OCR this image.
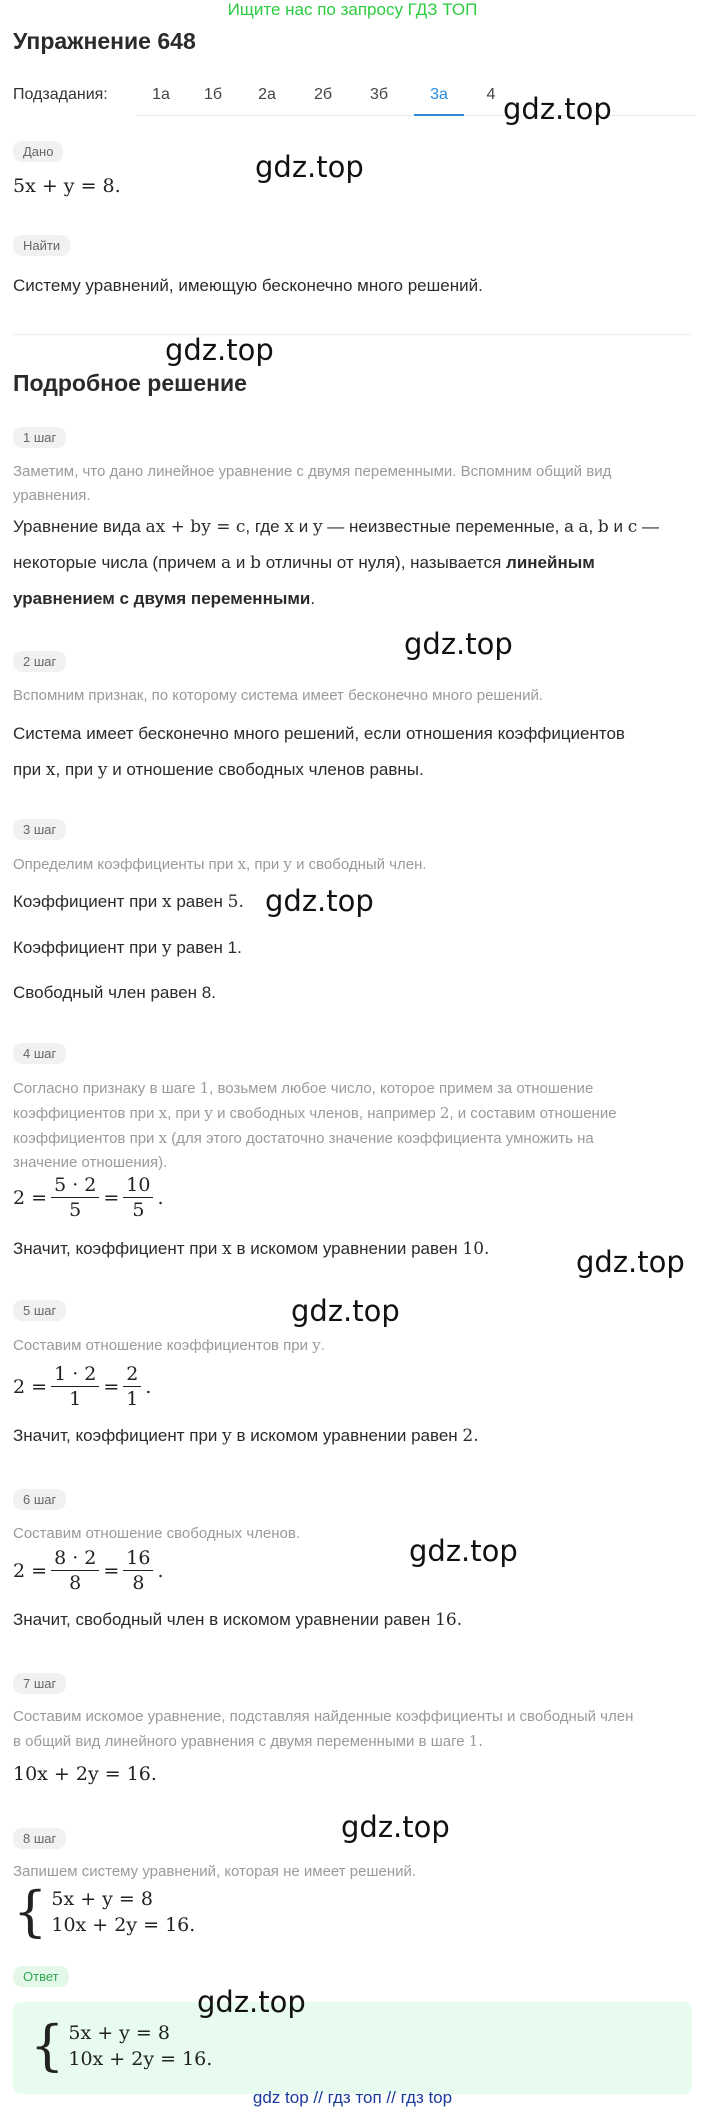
Ищите нас по запросу ГДЗ ТОП
Упражнение 648
Подзадания:	1а	1б	2а	2б	3б	3а	4
Дано
5x + y = 8.
Найти
Систему уравнений, имеющую бесконечно много решений.
Подробное решение
1 шаг
Заметим, что дано линейное уравнение с двумя переменными. Вспомним общий вид уравнения.
Уравнение вида ax + by = c, где x и y — неизвестные переменные, а a, b и c — некоторые числа (причем a и b отличны от нуля), называется линейным уравнением с двумя переменными.
2 шаг
Вспомним признак, по которому система имеет бесконечно много решений.
Система имеет бесконечно много решений, если отношения коэффициентов
при x, при y и отношение свободных членов равны.
3 шаг
Определим коэффициенты при x, при y и свободный член.
Коэффициент при x равен 5.
Коэффициент при y равен 1.
Свободный член равен 8.
4 шаг
Согласно признаку в шаге 1, возьмем любое число, которое примем за отношение
коэффициентов при x, при y и свободных членов, например 2, и составим отношение
коэффициентов при x (для этого достаточно значение коэффициента умножить на
значение отношения).
$2 = \frac{5 \cdot 2}{5} = \frac{10}{5}$ .
Значит, коэффициент при x в искомом уравнении равен 10.
5 шаг
Составим отношение коэффициентов при y.
$2 = \frac{1 \cdot 2}{1} = \frac{2}{1}$ .
Значит, коэффициент при y в искомом уравнении равен 2.
6 шаг
Составим отношение свободных членов.
$2 = \frac{8 \cdot 2}{8} = \frac{16}{8}$ .
Значит, свободный член в искомом уравнении равен 16.
7 шаг
Составим искомое уравнение, подставляя найденные коэффициенты и свободный член
в общий вид линейного уравнения с двумя переменными в шаге 1.
10x + 2y = 16.
8 шаг
Запишем систему уравнений, которая не имеет решений.
{ 5x + y = 8
10x + 2y = 16.
Ответ
{ 5x + y = 8
10x + 2y = 16.
gdz.top
gdz.top
gdz.top
gdz.top
gdz.top
gdz.top
gdz.top
gdz.top
gdz.top
gdz.top
gdz top // гдз топ // гдз top
